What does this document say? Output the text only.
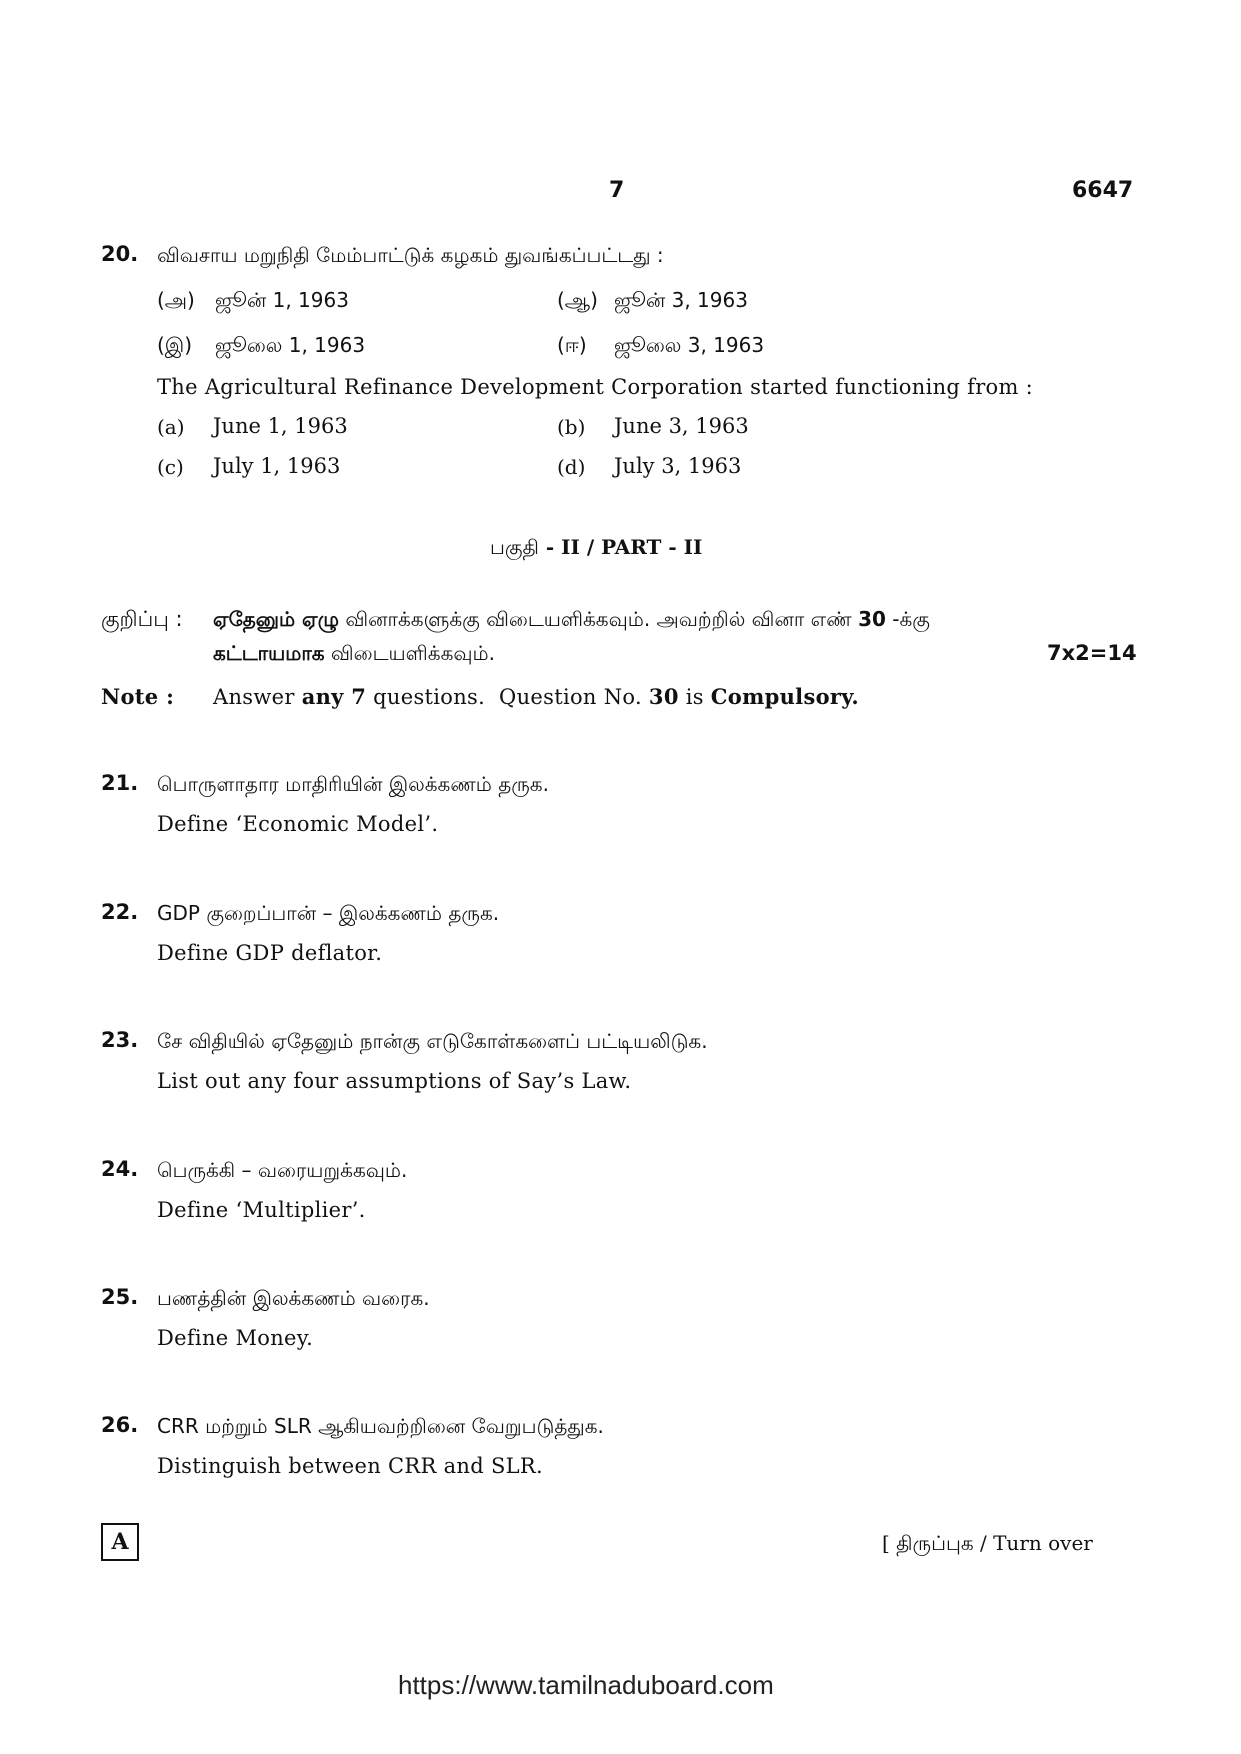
7	6647
20. விவசாய மறுநிதி மேம்பாட்டுக் கழகம் துவங்கப்பட்டது :
(அ) ஜூன் 1, 1963	(ஆ) ஜூன் 3, 1963
(இ) ஜூலை 1, 1963	(ஈ) ஜூலை 3, 1963
The Agricultural Refinance Development Corporation started functioning from :
(a) June 1, 1963	(b) June 3, 1963
(c) July 1, 1963	(d) July 3, 1963
பகுதி - II / PART - II
குறிப்பு : ஏதேனும் ஏழு வினாக்களுக்கு விடையளிக்கவும். அவற்றில் வினா எண் 30 -க்கு
கட்டாயமாக விடையளிக்கவும்.	7x2=14
Note : Answer any 7 questions.  Question No. 30 is Compulsory.
21. பொருளாதார மாதிரியின் இலக்கணம் தருக.
Define ‘Economic Model’.
22. GDP குறைப்பான் – இலக்கணம் தருக.
Define GDP deflator.
23. சே விதியில் ஏதேனும் நான்கு எடுகோள்களைப் பட்டியலிடுக.
List out any four assumptions of Say’s Law.
24. பெருக்கி – வரையறுக்கவும்.
Define ‘Multiplier’.
25. பணத்தின் இலக்கணம் வரைக.
Define Money.
26. CRR மற்றும் SLR ஆகியவற்றினை வேறுபடுத்துக.
Distinguish between CRR and SLR.
A	[ திருப்புக / Turn over
https://www.tamilnaduboard.com
